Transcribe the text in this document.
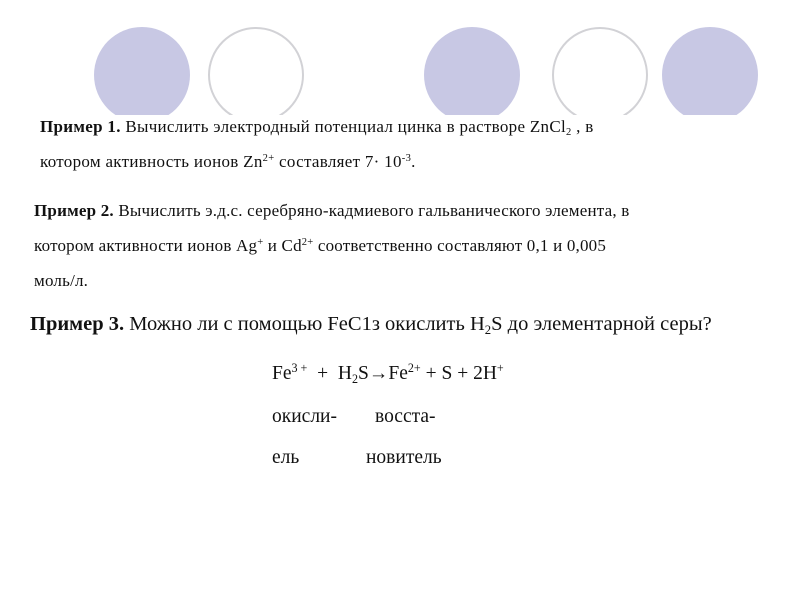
Пример 1. Вычислить электродный потенциал цинка в растворе ZnCl$_2$ , в
котором активность ионов $Zn^{2+}$ составляет $7\cdot 10^{-3}$.
Пример 2. Вычислить э.д.с. серебряно-кадмиевого гальванического элемента, в
котором активности ионов Ag+ и $Cd^{2+}$ соответственно составляют 0,1 и 0,005
моль/л.
Пример 3. Можно ли с помощью FeC1з окислить $H_2S$ до элементарной серы?
$Fe^{3 +} + H_2S\to Fe^{2+} + S + 2H^+$
окисли- восста-
ель	новитель
